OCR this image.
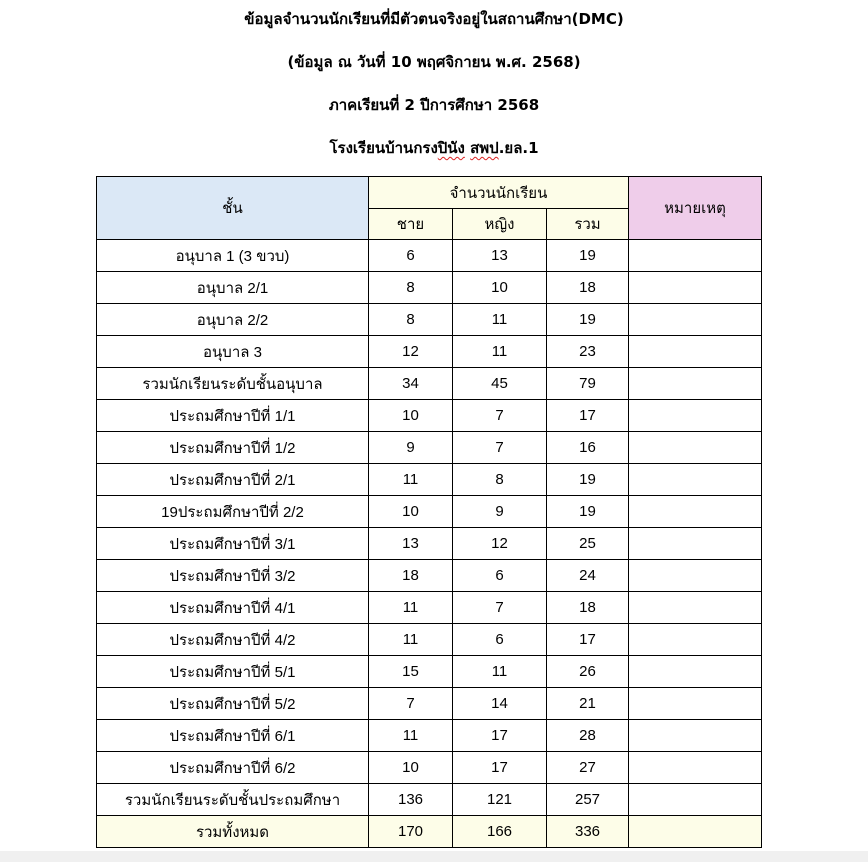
ข้อมูลจำนวนนักเรียนที่มีตัวตนจริงอยู่ในสถานศึกษา(DMC)
(ข้อมูล ณ วันที่ 10 พฤศจิกายน พ.ศ. 2568)
ภาคเรียนที่ 2 ปีการศึกษา 2568
โรงเรียนบ้านกรงปินัง สพป.ยล.1
ชั้น	จำนวนนักเรียน			หมายเหตุ
	ชาย	หญิง	รวม	
อนุบาล 1 (3 ขวบ)	6	13	19	
อนุบาล 2/1	8	10	18	
อนุบาล 2/2	8	11	19	
อนุบาล 3	12	11	23	
รวมนักเรียนระดับชั้นอนุบาล	34	45	79	
ประถมศึกษาปีที่ 1/1	10	7	17	
ประถมศึกษาปีที่ 1/2	9	7	16	
ประถมศึกษาปีที่ 2/1	11	8	19	
19ประถมศึกษาปีที่ 2/2	10	9	19	
ประถมศึกษาปีที่ 3/1	13	12	25	
ประถมศึกษาปีที่ 3/2	18	6	24	
ประถมศึกษาปีที่ 4/1	11	7	18	
ประถมศึกษาปีที่ 4/2	11	6	17	
ประถมศึกษาปีที่ 5/1	15	11	26	
ประถมศึกษาปีที่ 5/2	7	14	21	
ประถมศึกษาปีที่ 6/1	11	17	28	
ประถมศึกษาปีที่ 6/2	10	17	27	
รวมนักเรียนระดับชั้นประถมศึกษา	136	121	257	
รวมทั้งหมด	170	166	336	
